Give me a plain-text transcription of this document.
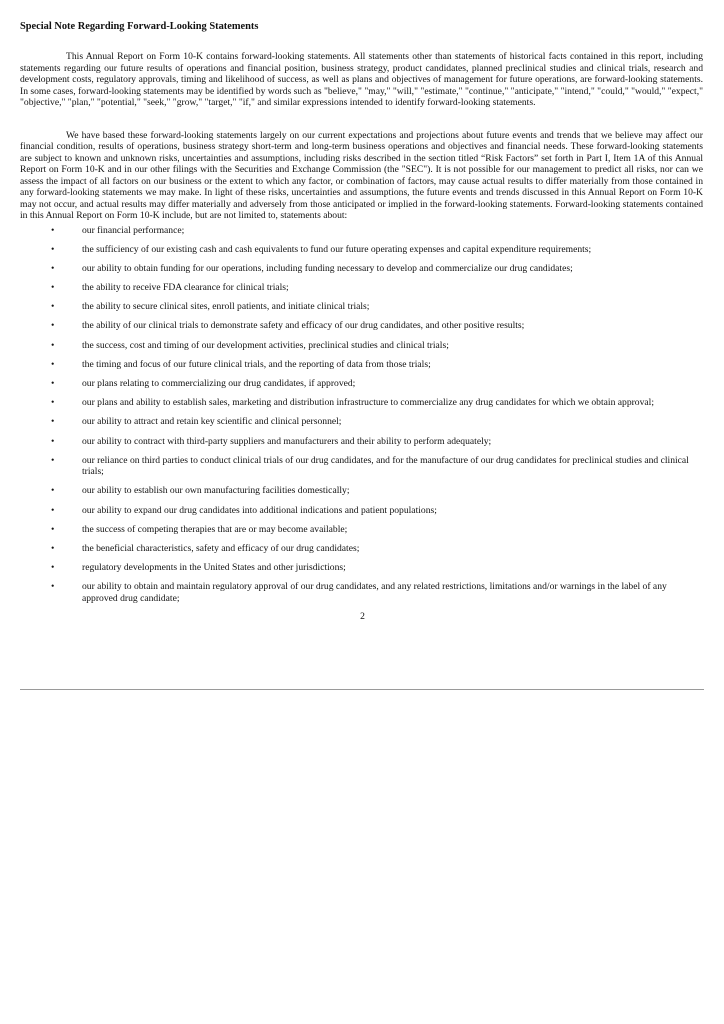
Special Note Regarding Forward-Looking Statements

This Annual Report on Form 10-K contains forward-looking statements. All statements other than statements of historical facts contained in this report, including statements regarding our future results of operations and financial position, business strategy, product candidates, planned preclinical studies and clinical trials, research and development costs, regulatory approvals, timing and likelihood of success, as well as plans and objectives of management for future operations, are forward-looking statements. In some cases, forward-looking statements may be identified by words such as "believe," "may," "will," "estimate," "continue," "anticipate," "intend," "could," "would," "expect," "objective," "plan," "potential," "seek," "grow," "target," "if," and similar expressions intended to identify forward-looking statements.

We have based these forward-looking statements largely on our current expectations and projections about future events and trends that we believe may affect our financial condition, results of operations, business strategy short-term and long-term business operations and objectives and financial needs. These forward-looking statements are subject to known and unknown risks, uncertainties and assumptions, including risks described in the section titled “Risk Factors” set forth in Part I, Item 1A of this Annual Report on Form 10-K and in our other filings with the Securities and Exchange Commission (the "SEC"). It is not possible for our management to predict all risks, nor can we assess the impact of all factors on our business or the extent to which any factor, or combination of factors, may cause actual results to differ materially from those contained in any forward-looking statements we may make. In light of these risks, uncertainties and assumptions, the future events and trends discussed in this Annual Report on Form 10-K may not occur, and actual results may differ materially and adversely from those anticipated or implied in the forward-looking statements. Forward-looking statements contained in this Annual Report on Form 10-K include, but are not limited to, statements about:

•	our financial performance;
•	the sufficiency of our existing cash and cash equivalents to fund our future operating expenses and capital expenditure requirements;
•	our ability to obtain funding for our operations, including funding necessary to develop and commercialize our drug candidates;
•	the ability to receive FDA clearance for clinical trials;
•	the ability to secure clinical sites, enroll patients, and initiate clinical trials;
•	the ability of our clinical trials to demonstrate safety and efficacy of our drug candidates, and other positive results;
•	the success, cost and timing of our development activities, preclinical studies and clinical trials;
•	the timing and focus of our future clinical trials, and the reporting of data from those trials;
•	our plans relating to commercializing our drug candidates, if approved;
•	our plans and ability to establish sales, marketing and distribution infrastructure to commercialize any drug candidates for which we obtain approval;
•	our ability to attract and retain key scientific and clinical personnel;
•	our ability to contract with third-party suppliers and manufacturers and their ability to perform adequately;
•	our reliance on third parties to conduct clinical trials of our drug candidates, and for the manufacture of our drug candidates for preclinical studies and clinical trials;
•	our ability to establish our own manufacturing facilities domestically;
•	our ability to expand our drug candidates into additional indications and patient populations;
•	the success of competing therapies that are or may become available;
•	the beneficial characteristics, safety and efficacy of our drug candidates;
•	regulatory developments in the United States and other jurisdictions;
•	our ability to obtain and maintain regulatory approval of our drug candidates, and any related restrictions, limitations and/or warnings in the label of any approved drug candidate;
2
